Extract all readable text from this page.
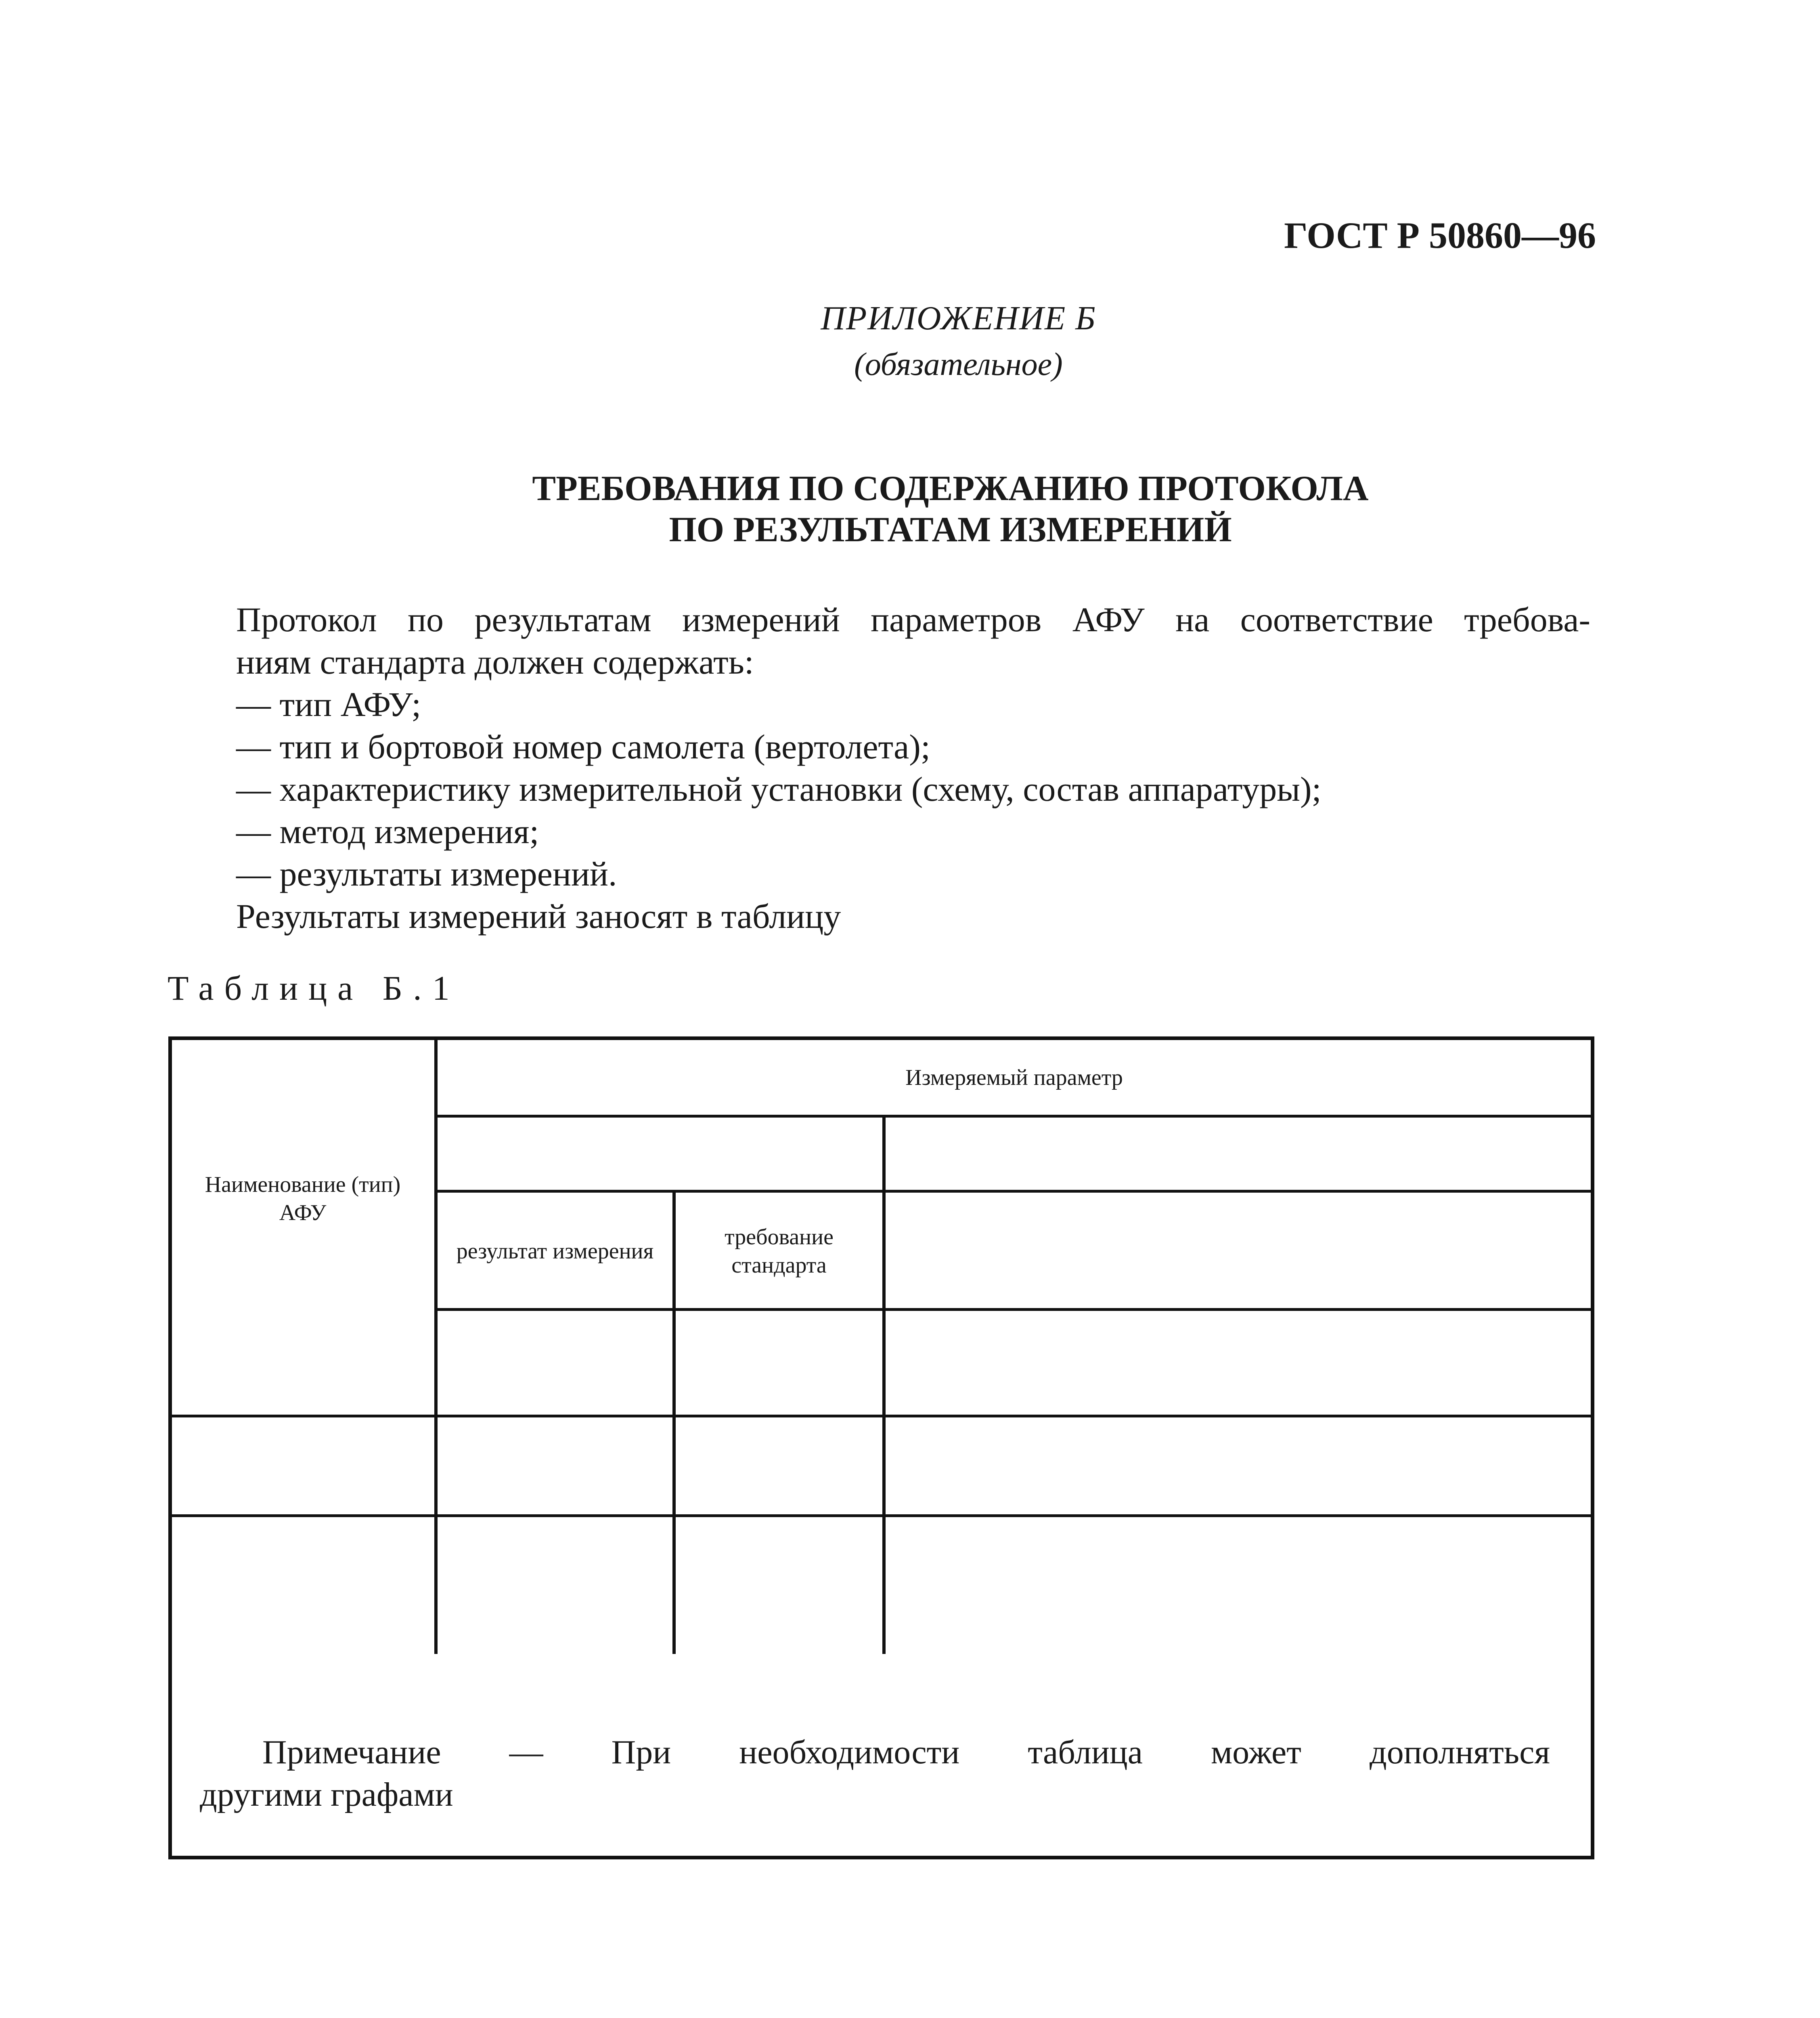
ГОСТ Р 50860—96
ПРИЛОЖЕНИЕ Б
(обязательное)
ТРЕБОВАНИЯ ПО СОДЕРЖАНИЮ ПРОТОКОЛА
ПО РЕЗУЛЬТАТАМ ИЗМЕРЕНИЙ
Протокол по результатам измерений параметров АФУ на соответствие требова-
ниям стандарта должен содержать:
— тип АФУ;
— тип и бортовой номер самолета (вертолета);
— характеристику измерительной установки (схему, состав аппаратуры);
— метод измерения;
— результаты измерений.
Результаты измерений заносят в таблицу
Таблица Б.1
Измеряемый параметр
Наименование (тип) АФУ
результат измерения
требование стандарта
Примечание — При необходимости таблица может дополняться
другими графами
